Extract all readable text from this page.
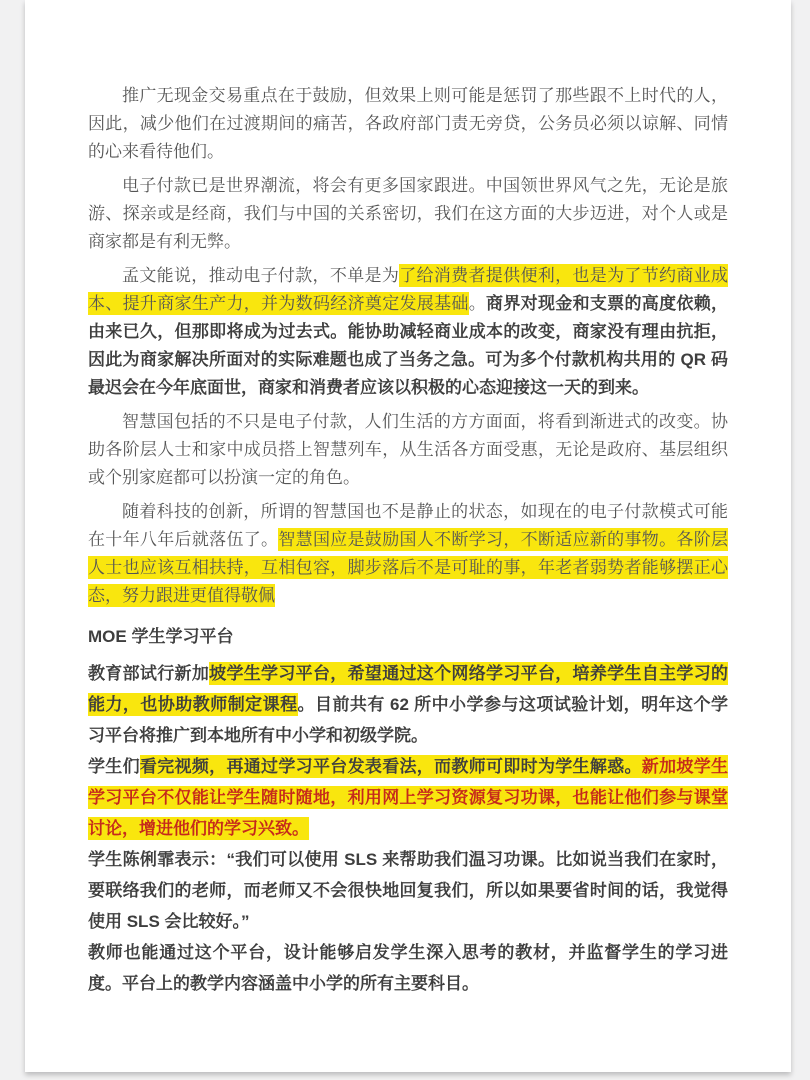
推广无现金交易重点在于鼓励，但效果上则可能是惩罚了那些跟不上时代的人，因此，减少他们在过渡期间的痛苦，各政府部门责无旁贷，公务员必须以谅解、同情的心来看待他们。

电子付款已是世界潮流，将会有更多国家跟进。中国领世界风气之先，无论是旅游、探亲或是经商，我们与中国的关系密切，我们在这方面的大步迈进，对个人或是商家都是有利无弊。

孟文能说，推动电子付款，不单是为了给消费者提供便利，也是为了节约商业成本、提升商家生产力，并为数码经济奠定发展基础。商界对现金和支票的高度依赖，由来已久，但那即将成为过去式。能协助减轻商业成本的改变，商家没有理由抗拒，因此为商家解决所面对的实际难题也成了当务之急。可为多个付款机构共用的 QR 码最迟会在今年底面世，商家和消费者应该以积极的心态迎接这一天的到来。

智慧国包括的不只是电子付款，人们生活的方方面面，将看到渐进式的改变。协助各阶层人士和家中成员搭上智慧列车，从生活各方面受惠，无论是政府、基层组织或个别家庭都可以扮演一定的角色。

随着科技的创新，所谓的智慧国也不是静止的状态，如现在的电子付款模式可能在十年八年后就落伍了。智慧国应是鼓励国人不断学习，不断适应新的事物。各阶层人士也应该互相扶持，互相包容，脚步落后不是可耻的事，年老者弱势者能够摆正心态，努力跟进更值得敬佩

MOE 学生学习平台

教育部试行新加坡学生学习平台，希望通过这个网络学习平台，培养学生自主学习的能力，也协助教师制定课程。目前共有 62 所中小学参与这项试验计划，明年这个学习平台将推广到本地所有中小学和初级学院。

学生们看完视频，再通过学习平台发表看法，而教师可即时为学生解惑。新加坡学生学习平台不仅能让学生随时随地，利用网上学习资源复习功课，也能让他们参与课堂讨论，增进他们的学习兴致。

学生陈俐霏表示：“我们可以使用 SLS 来帮助我们温习功课。比如说当我们在家时，要联络我们的老师，而老师又不会很快地回复我们，所以如果要省时间的话，我觉得使用 SLS 会比较好。”

教师也能通过这个平台，设计能够启发学生深入思考的教材，并监督学生的学习进度。平台上的教学内容涵盖中小学的所有主要科目。
